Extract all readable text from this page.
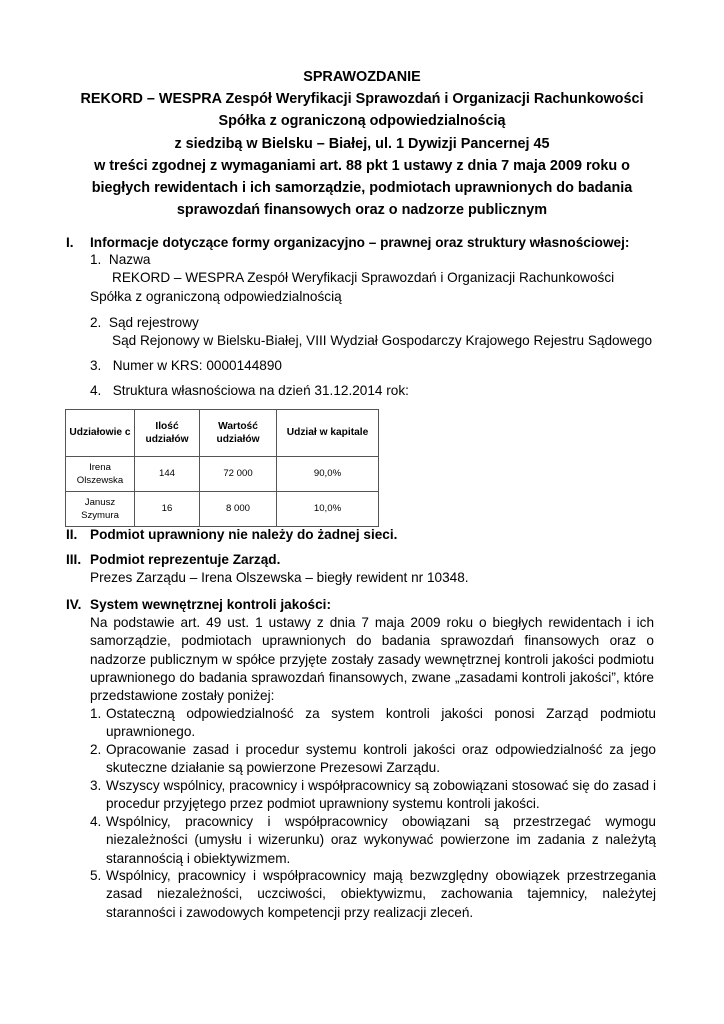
SPRAWOZDANIE
REKORD – WESPRA Zespół Weryfikacji Sprawozdań i Organizacji Rachunkowości
Spółka z ograniczoną odpowiedzialnością
z siedzibą w Bielsku – Białej, ul. 1 Dywizji Pancernej 45
w treści zgodnej z wymaganiami art. 88 pkt 1 ustawy z dnia 7 maja 2009 roku o
biegłych rewidentach i ich samorządzie, podmiotach uprawnionych do badania
sprawozdań finansowych oraz o nadzorze publicznym
I. Informacje dotyczące formy organizacyjno – prawnej oraz struktury własnościowej:
1. Nazwa
REKORD – WESPRA Zespół Weryfikacji Sprawozdań i Organizacji Rachunkowości
Spółka z ograniczoną odpowiedzialnością
2. Sąd rejestrowy
Sąd Rejonowy w Bielsku-Białej, VIII Wydział Gospodarczy Krajowego Rejestru Sądowego
3. Numer w KRS: 0000144890
4. Struktura własnościowa na dzień 31.12.2014 rok:
Udziałowie c	Ilość udziałów	Wartość udziałów	Udział w kapitale
Irena Olszewska	144	72 000	90,0%
Janusz Szymura	16	8 000	10,0%
II. Podmiot uprawniony nie należy do żadnej sieci.
III. Podmiot reprezentuje Zarząd.
Prezes Zarządu – Irena Olszewska – biegły rewident nr 10348.
IV. System wewnętrznej kontroli jakości:
Na podstawie art. 49 ust. 1 ustawy z dnia 7 maja 2009 roku o biegłych rewidentach i ich samorządzie, podmiotach uprawnionych do badania sprawozdań finansowych oraz o nadzorze publicznym w spółce przyjęte zostały zasady wewnętrznej kontroli jakości podmiotu uprawnionego do badania sprawozdań finansowych, zwane „zasadami kontroli jakości”, które przedstawione zostały poniżej:
1. Ostateczną odpowiedzialność za system kontroli jakości ponosi Zarząd podmiotu uprawnionego.
2. Opracowanie zasad i procedur systemu kontroli jakości oraz odpowiedzialność za jego skuteczne działanie są powierzone Prezesowi Zarządu.
3. Wszyscy wspólnicy, pracownicy i współpracownicy są zobowiązani stosować się do zasad i procedur przyjętego przez podmiot uprawniony systemu kontroli jakości.
4. Wspólnicy, pracownicy i współpracownicy obowiązani są przestrzegać wymogu niezależności (umysłu i wizerunku) oraz wykonywać powierzone im zadania z należytą starannością i obiektywizmem.
5. Wspólnicy, pracownicy i współpracownicy mają bezwzględny obowiązek przestrzegania zasad niezależności, uczciwości, obiektywizmu, zachowania tajemnicy, należytej staranności i zawodowych kompetencji przy realizacji zleceń.
